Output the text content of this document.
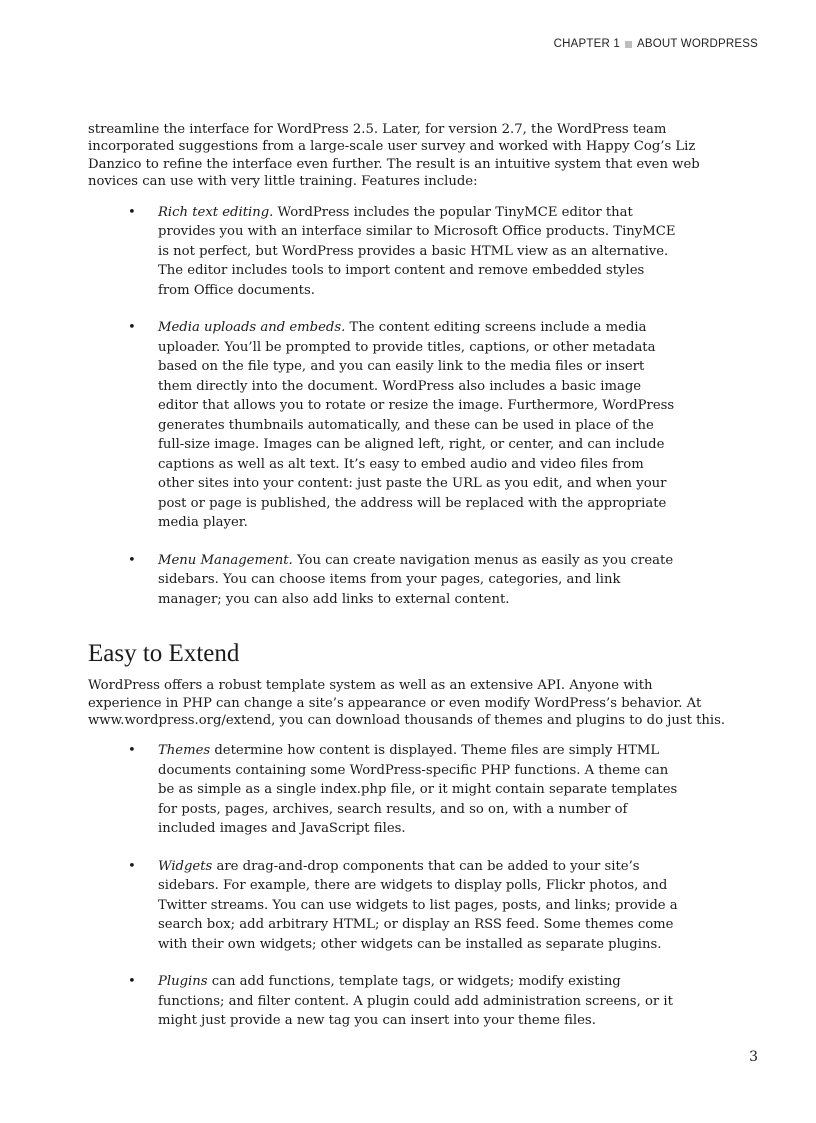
CHAPTER 1 ABOUT WORDPRESS

streamline the interface for WordPress 2.5. Later, for version 2.7, the WordPress team incorporated suggestions from a large-scale user survey and worked with Happy Cog’s Liz Danzico to refine the interface even further. The result is an intuitive system that even web novices can use with very little training. Features include:

• Rich text editing. WordPress includes the popular TinyMCE editor that provides you with an interface similar to Microsoft Office products. TinyMCE is not perfect, but WordPress provides a basic HTML view as an alternative. The editor includes tools to import content and remove embedded styles from Office documents.
• Media uploads and embeds. The content editing screens include a media uploader. You’ll be prompted to provide titles, captions, or other metadata based on the file type, and you can easily link to the media files or insert them directly into the document. WordPress also includes a basic image editor that allows you to rotate or resize the image. Furthermore, WordPress generates thumbnails automatically, and these can be used in place of the full-size image. Images can be aligned left, right, or center, and can include captions as well as alt text. It’s easy to embed audio and video files from other sites into your content: just paste the URL as you edit, and when your post or page is published, the address will be replaced with the appropriate media player.
• Menu Management. You can create navigation menus as easily as you create sidebars. You can choose items from your pages, categories, and link manager; you can also add links to external content.
Easy to Extend

WordPress offers a robust template system as well as an extensive API. Anyone with experience in PHP can change a site’s appearance or even modify WordPress’s behavior. At www.wordpress.org/extend, you can download thousands of themes and plugins to do just this.

• Themes determine how content is displayed. Theme files are simply HTML documents containing some WordPress-specific PHP functions. A theme can be as simple as a single index.php file, or it might contain separate templates for posts, pages, archives, search results, and so on, with a number of included images and JavaScript files.
• Widgets are drag-and-drop components that can be added to your site’s sidebars. For example, there are widgets to display polls, Flickr photos, and Twitter streams. You can use widgets to list pages, posts, and links; provide a search box; add arbitrary HTML; or display an RSS feed. Some themes come with their own widgets; other widgets can be installed as separate plugins.
• Plugins can add functions, template tags, or widgets; modify existing functions; and filter content. A plugin could add administration screens, or it might just provide a new tag you can insert into your theme files.
3
